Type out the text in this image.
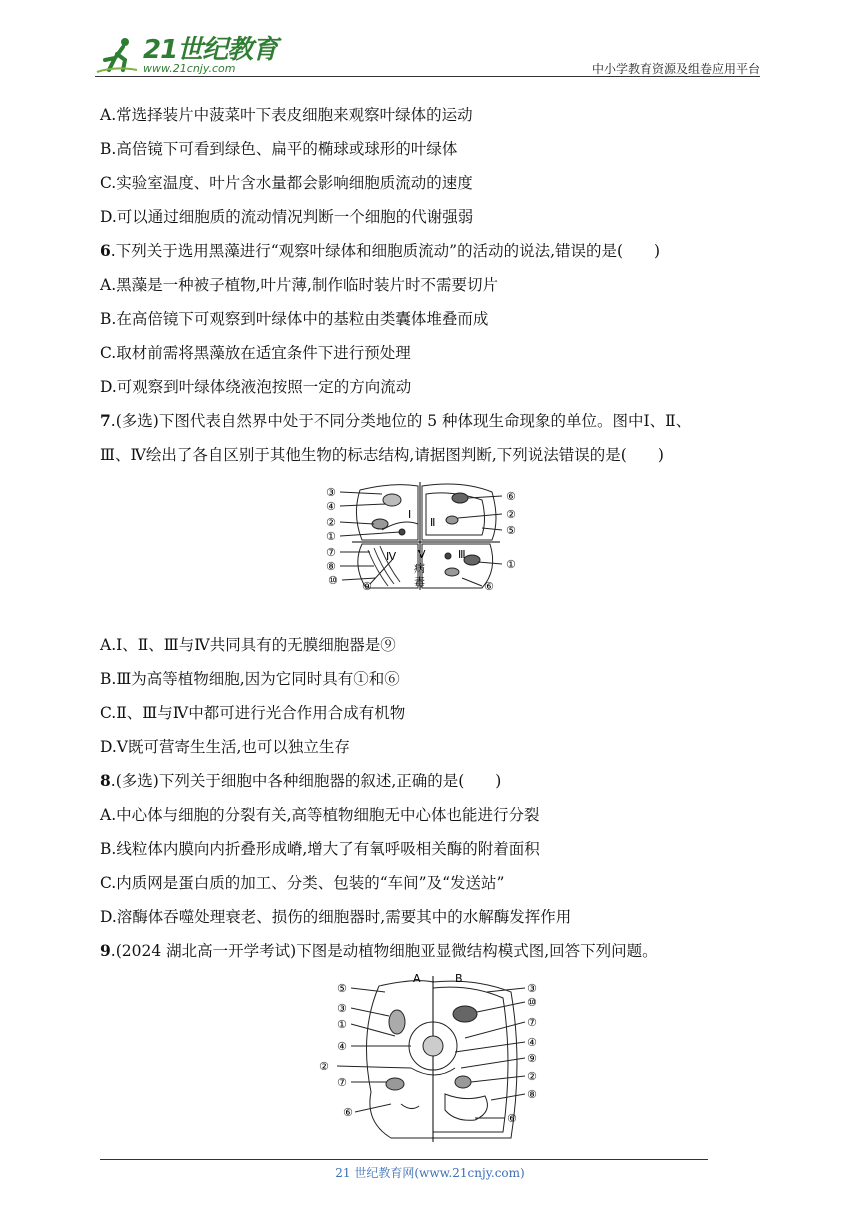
21世纪教育
www.21cnjy.com	中小学教育资源及组卷应用平台
A.常选择装片中菠菜叶下表皮细胞来观察叶绿体的运动
B.高倍镜下可看到绿色、扁平的椭球或球形的叶绿体
C.实验室温度、叶片含水量都会影响细胞质流动的速度
D.可以通过细胞质的流动情况判断一个细胞的代谢强弱
6.下列关于选用黑藻进行“观察叶绿体和细胞质流动”的活动的说法,错误的是(　　)
A.黑藻是一种被子植物,叶片薄,制作临时装片时不需要切片
B.在高倍镜下可观察到叶绿体中的基粒由类囊体堆叠而成
C.取材前需将黑藻放在适宜条件下进行预处理
D.可观察到叶绿体绕液泡按照一定的方向流动
7.(多选)下图代表自然界中处于不同分类地位的 5 种体现生命现象的单位。图中Ⅰ、Ⅱ、
Ⅲ、Ⅳ绘出了各自区别于其他生物的标志结构,请据图判断,下列说法错误的是(　　)
③
④
②
①
⑦
⑧
⑩
⑥
②
⑤
①
⑥
⑨
Ⅰ
Ⅱ
Ⅲ
Ⅳ Ⅴ
病
毒
A.Ⅰ、Ⅱ、Ⅲ与Ⅳ共同具有的无膜细胞器是⑨
B.Ⅲ为高等植物细胞,因为它同时具有①和⑥
C.Ⅱ、Ⅲ与Ⅳ中都可进行光合作用合成有机物
D.Ⅴ既可营寄生生活,也可以独立生存
8.(多选)下列关于细胞中各种细胞器的叙述,正确的是(　　)
A.中心体与细胞的分裂有关,高等植物细胞无中心体也能进行分裂
B.线粒体内膜向内折叠形成嵴,增大了有氧呼吸相关酶的附着面积
C.内质网是蛋白质的加工、分类、包装的“车间”及“发送站”
D.溶酶体吞噬处理衰老、损伤的细胞器时,需要其中的水解酶发挥作用
9.(2024 湖北高一开学考试)下图是动植物细胞亚显微结构模式图,回答下列问题。
A	B
⑤
③
①
④
②
⑦
⑥
③
⑩
⑦
④
⑨
②
⑧
⑥
21 世纪教育网(www.21cnjy.com)
